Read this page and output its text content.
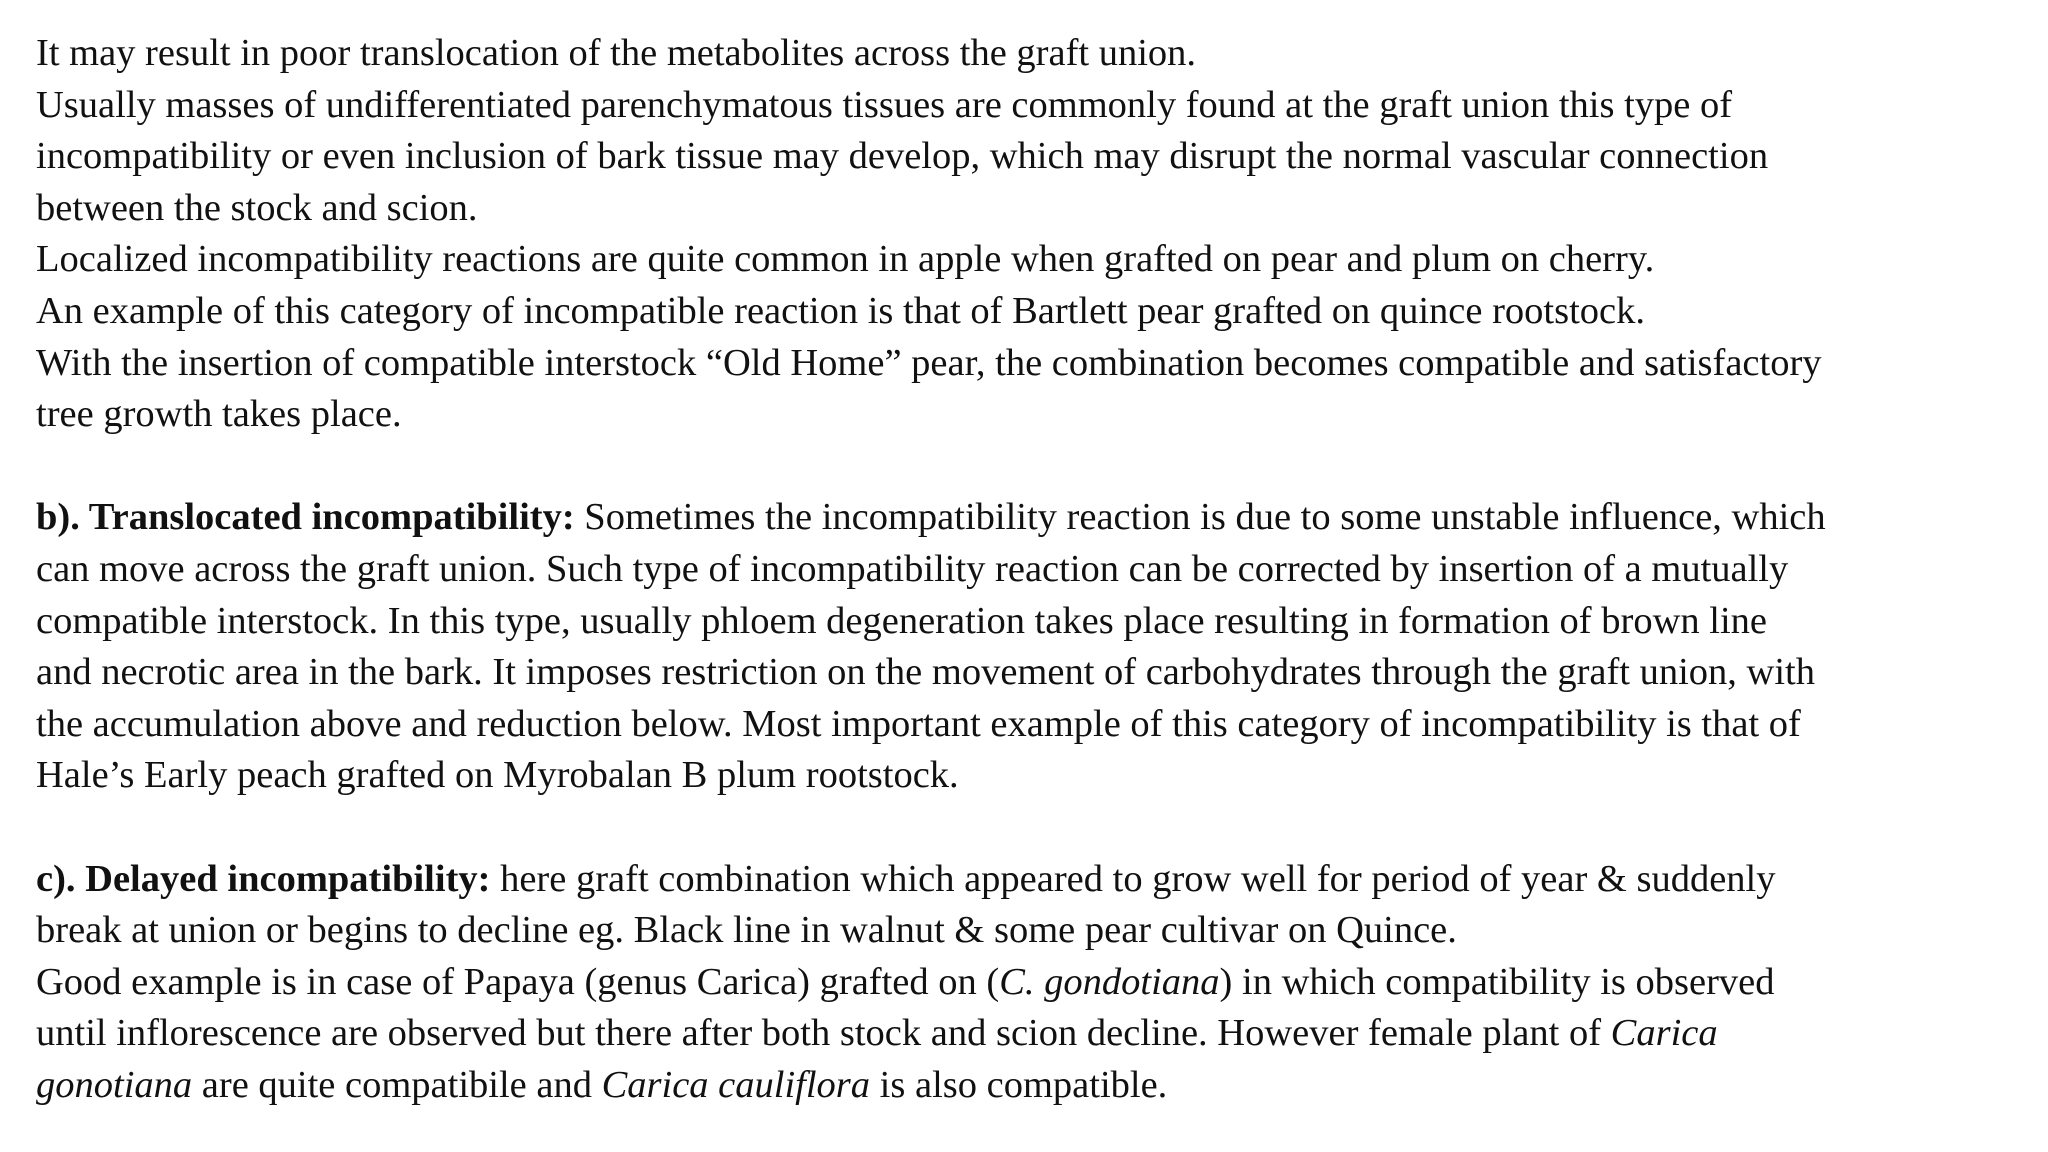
It may result in poor translocation of the metabolites across the graft union.
Usually masses of undifferentiated parenchymatous tissues are commonly found at the graft union this type of
incompatibility or even inclusion of bark tissue may develop, which may disrupt the normal vascular connection
between the stock and scion.
Localized incompatibility reactions are quite common in apple when grafted on pear and plum on cherry.
An example of this category of incompatible reaction is that of Bartlett pear grafted on quince rootstock.
With the insertion of compatible interstock “Old Home” pear, the combination becomes compatible and satisfactory
tree growth takes place.
b). Translocated incompatibility: Sometimes the incompatibility reaction is due to some unstable influence, which
can move across the graft union. Such type of incompatibility reaction can be corrected by insertion of a mutually
compatible interstock. In this type, usually phloem degeneration takes place resulting in formation of brown line
and necrotic area in the bark. It imposes restriction on the movement of carbohydrates through the graft union, with
the accumulation above and reduction below. Most important example of this category of incompatibility is that of
Hale’s Early peach grafted on Myrobalan B plum rootstock.
c). Delayed incompatibility: here graft combination which appeared to grow well for period of year & suddenly
break at union or begins to decline eg. Black line in walnut & some pear cultivar on Quince.
Good example is in case of Papaya (genus Carica) grafted on (C. gondotiana) in which compatibility is observed
until inflorescence are observed but there after both stock and scion decline. However female plant of Carica
gonotiana are quite compatibile and Carica cauliflora is also compatible.
